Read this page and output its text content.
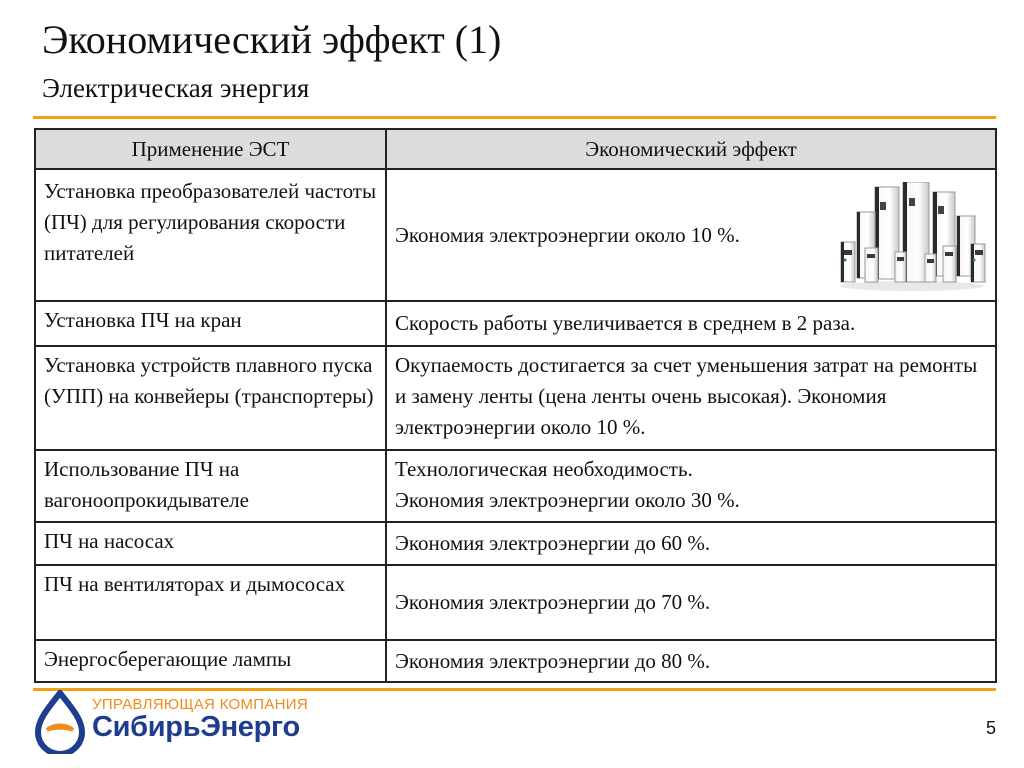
Экономический эффект (1)
Электрическая энергия
Применение ЭСТ	Экономический эффект
Установка преобразователей частоты (ПЧ) для регулирования скорости питателей	Экономия электроэнергии около 10 %.

Установка ПЧ на кран	Скорость работы увеличивается в среднем в 2 раза.

Установка устройств плавного пуска (УПП) на конвейеры (транспортеры)	Окупаемость достигается за счет уменьшения затрат на ремонты и замену ленты (цена ленты очень высокая). Экономия электроэнергии около 10 %.

Использование ПЧ на вагоноопрокидывателе	Технологическая необходимость.
Экономия электроэнергии около 30 %.

ПЧ на насосах	Экономия электроэнергии до 60 %.

ПЧ на вентиляторах и дымососах	Экономия электроэнергии до 70 %.

Энергосберегающие лампы	Экономия электроэнергии до 80 %.
УПРАВЛЯЮЩАЯ КОМПАНИЯ
СибирьЭнерго	5
